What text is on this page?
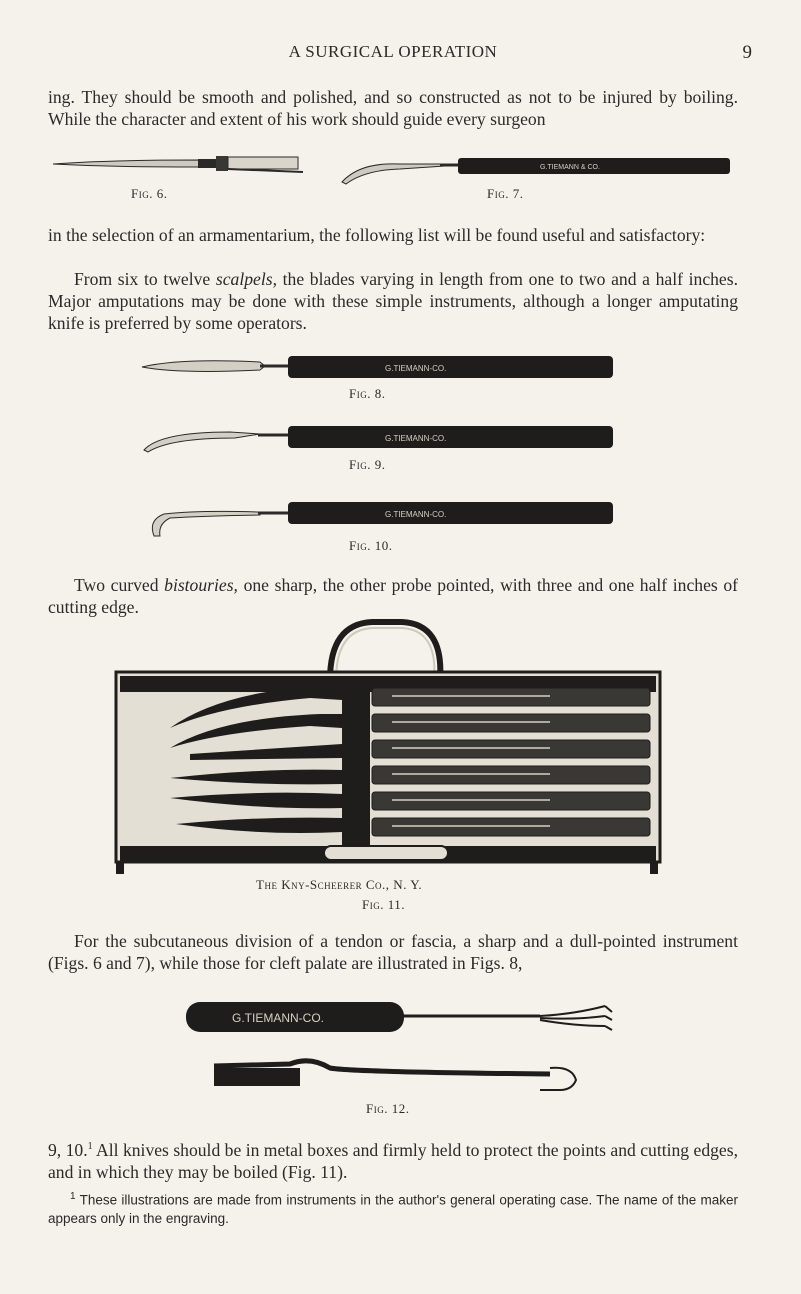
A SURGICAL OPERATION	9

ing. They should be smooth and polished, and so constructed as not to be injured by boiling. While the character and extent of his work should guide every surgeon

Fig. 6.
G.TIEMANN & CO.
Fig. 7.

in the selection of an armamentarium, the following list will be found useful and satisfactory:

From six to twelve scalpels, the blades varying in length from one to two and a half inches. Major amputations may be done with these simple instruments, although a longer amputating knife is preferred by some operators.

G.TIEMANN-CO.
Fig. 8.
G.TIEMANN-CO.
Fig. 9.
G.TIEMANN-CO.
Fig. 10.

Two curved bistouries, one sharp, the other probe pointed, with three and one half inches of cutting edge.

The Kny-Scheerer Co., N. Y.
Fig. 11.

For the subcutaneous division of a tendon or fascia, a sharp and a dull-pointed instrument (Figs. 6 and 7), while those for cleft palate are illustrated in Figs. 8,

G.TIEMANN-CO.
Fig. 12.

9, 10.$^1$ All knives should be in metal boxes and firmly held to protect the points and cutting edges, and in which they may be boiled (Fig. 11).

$^1$ These illustrations are made from instruments in the author's general operating case. The name of the maker appears only in the engraving.
